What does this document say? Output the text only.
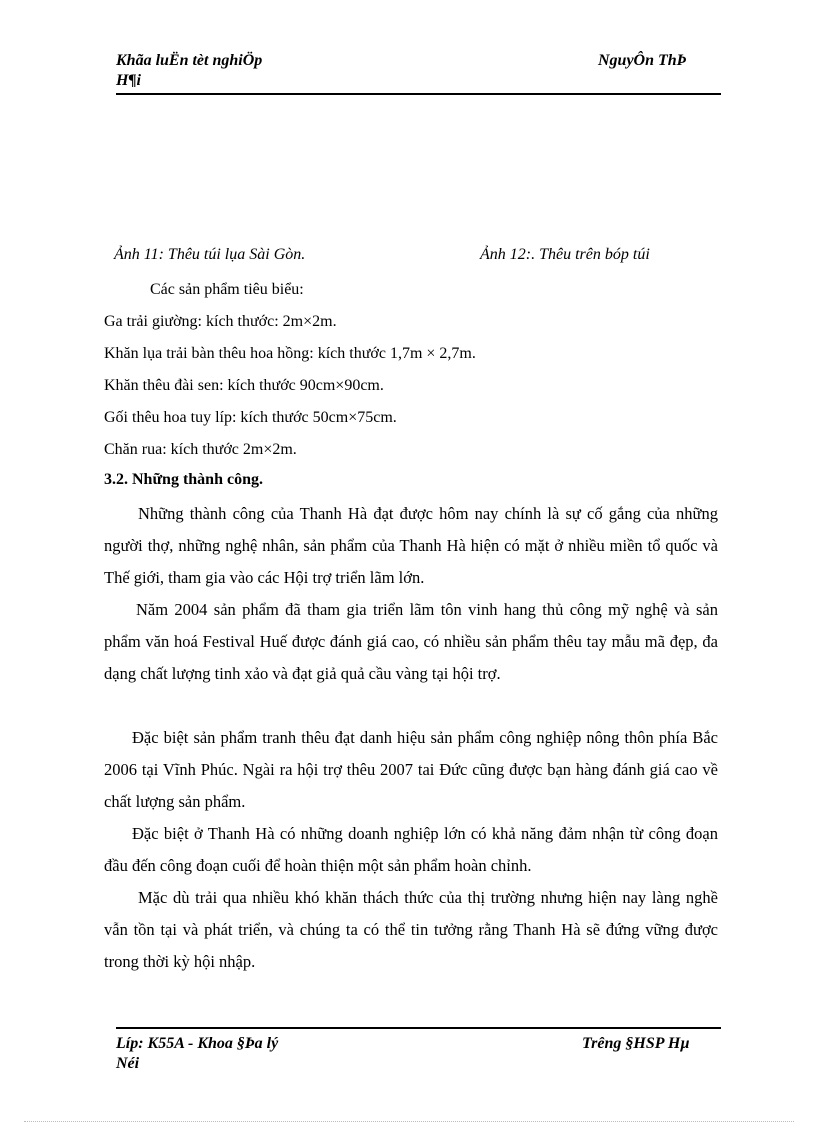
Khãa luËn tèt nghiÖp
H¶i
NguyÔn ThÞ
Ảnh 11: Thêu túi lụa Sài Gòn.	Ảnh 12:. Thêu trên bóp túi
Các sản phẩm tiêu biểu:
Ga trải giường: kích thước: 2m×2m.
Khăn lụa trải bàn thêu hoa hồng: kích thước 1,7m × 2,7m.
Khăn thêu đài sen: kích thước 90cm×90cm.
Gối thêu hoa tuy líp: kích thước 50cm×75cm.
Chăn rua: kích thước 2m×2m.
3.2. Những thành công.
Những thành công của Thanh Hà đạt được hôm nay chính là sự cố gắng của những người thợ, những nghệ nhân, sản phẩm của Thanh Hà hiện có mặt ở nhiều miền tổ quốc và Thế giới, tham gia vào các Hội trợ triển lãm lớn.
Năm 2004 sản phẩm đã tham gia triển lãm tôn vinh hang thủ công mỹ nghệ và sản phẩm văn hoá Festival Huế được đánh giá cao, có nhiều sản phẩm thêu tay mẫu mã đẹp, đa dạng chất lượng tinh xảo và đạt giả quả cầu vàng tại hội trợ.
Đặc biệt sản phẩm tranh thêu đạt danh hiệu sản phẩm công nghiệp nông thôn phía Bắc 2006 tại Vĩnh Phúc. Ngài ra hội trợ thêu 2007 tai Đức cũng được bạn hàng đánh giá cao về chất lượng sản phẩm.
Đặc biệt ở Thanh Hà có những doanh nghiệp lớn có khả năng đảm nhận từ công đoạn đầu đến công đoạn cuối để hoàn thiện một sản phẩm hoàn chỉnh.
Mặc dù trải qua nhiều khó khăn thách thức của thị trường nhưng hiện nay làng nghề vẫn tồn tại và phát triển, và chúng ta có thể tin tưởng rằng Thanh Hà sẽ đứng vững được trong thời kỳ hội nhập.
Líp: K55A - Khoa §Þa lý
Néi
Trêng §HSP Hµ
